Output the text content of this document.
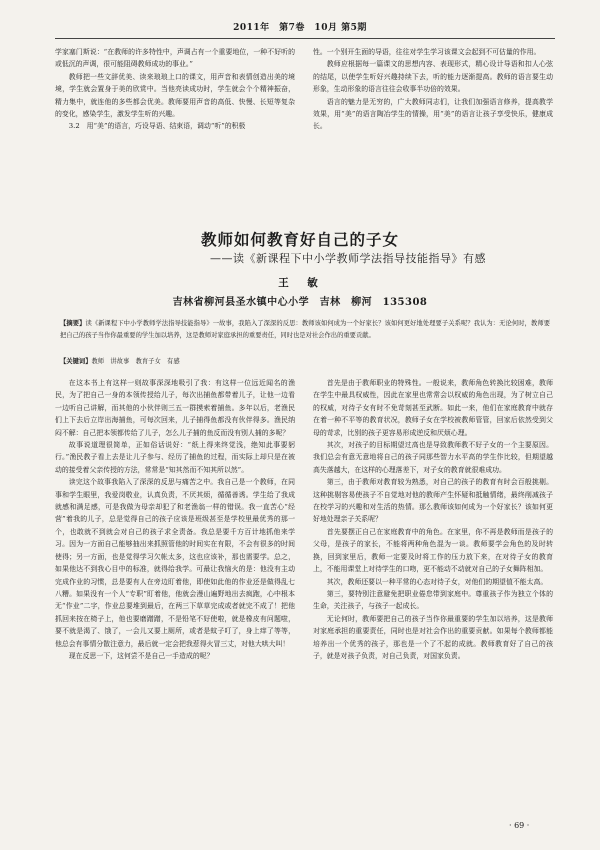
2011年　第7卷　10月 第5期

学家塞门斯说：“在教师的许多特性中，声调占有一个重要地位，一种不好听的或低沉的声调，很可能阻碍教师成功的事业。”

教师把一些文辞优美、读来琅琅上口的课文，用声音和表情创造出美的境境，学生就会置身于美的欣赏中。当他亮读成功时，学生就会个个精神振奋，精力集中，就连他的多些都会优美。教师要用声音的高低、快慢、长短等复杂的变化，感染学生，激发学生听的兴趣。

3.2　用“美”的语言，巧设导语、结束语，调动“听”的积极

性。一个别开生面的导语，往往对学生学习该课文会起到不可估量的作用。

教师应根据每一篇课文的思想内容、表现形式，精心设计导语和扣人心弦的结尾，以使学生听好兴趣持续下去，听的能力逐渐提高。教师的语言要生动形象，生动形象的语言往往会收事半功倍的效果。

语言的魅力是无穷的，广大教师同志们，让我们加强语言修养，提高教学效果，用“美”的语言陶冶学生的情操，用“美”的语言让孩子享受快乐，健康成长。

教师如何教育好自己的子女
——读《新课程下中小学教师学法指导技能指导》有感
王　敏
吉林省柳河县圣水镇中心小学　吉林　柳河　135308
【摘要】读《新课程下中小学教师学法指导技能指导》一故事，我陷入了深深的反思：教师该如何成为一个好家长？该如何更好地处理要子关系呢？我认为：无论何时，教师要把自己的孩子当作你最重要的学生加以培养，这是教师对家庭承担的重要责任，同时也是对社会作出的重要贡献。
【关键词】教师　讲故事　教育子女　有感

在这本书上有这样一则故事深深地吸引了我：有这样一位远近闻名的渔民，为了把自己一身的本领传授给儿子，每次出捕鱼都带着儿子，让他一边看一边听自己讲解，而其他的小伙伴则三五一群摸索着捕鱼。多年以后，老渔民们上下去后立岸出海捕鱼，可每次回来，儿子捕得鱼都没有伙伴得多。渔民纳闷不解：自己把本领都传给了儿子，怎么儿子捕的鱼反而没有别人捕的多呢？

故事说道理很简单，正如俗话说好：“纸上得来终觉浅，绝知此事要躬行。”渔民教子看上去是让儿子参与、经历了捕鱼的过程，而实际上却只是在被动的接受着父亲传授的方法，常常是“知其然而不知其所以然”。

读完这个故事我陷入了深深的反思与痛苦之中。我自己是一个教师，在同事和学生眼里，我爱岗敬业，认真负责，不厌其烦，循循善诱。学生给了我成就感和满足感，可是我做为母亲却犯了和老渔翁一样的错误。我一直苦心“经营”着我的儿子，总是觉得自己的孩子应该是班级甚至是学校里最优秀的那一个，也敢就不到就会对自己的孩子求全责备。我总是要千方百计地抓他来学习。因为一方面自己能够抽出来抓照管他的时间实在有限，不会有很多的时间使得；另一方面，也是觉得学习欠帐太多，这也应该补，那也需要学。总之，如果他达不到我心目中的标准，就得给我学。可最让我恼火的是：他没有主动完成作业的习惯，总是要有人在旁边盯着他，即使如此他的作业还是做得乱七八糟。如果没有一个人“专职”盯着他，他就会漫山遍野地出去疯跑，心中根本无“作业”二字，作业总要堆到最后，在两三下草草完成或者就完不成了！把他抓回来按在椅子上，他也要磨蹭蹭，不是铅笔不好使啦，就是橡皮有问题啦，要不就是渴了、饿了，一会儿又要上厕所，或者是蚊子叮了，身上痒了等等，他总会有事情分散注意力，最后就一定会把我惹得火冒三丈，对他大哄大叫！

现在反思一下，这何尝不是自己一手造成的呢？

首先是由于教师职业的特殊性。一般说来，教师角色转换比较困难，教师在学生中最具权威性，因此在家里也常常会以权威的角色出现，为了树立自己的权威，对待子女有时不免苛刻甚至武断。如此一来，他们在家庭教育中就存在着一种不平等的教育状况，教师子女在学校被教师管管，回家后依然受到父母的苛求，比别的孩子更容易形成逆反和厌烦心理。

其次，对孩子的目标期望过高也是导致教师教不好子女的一个主要原因。我们总会有意无意地将自己的孩子同那些智力水平高的学生作比较，但期望越高失落越大，在这样的心理落差下，对子女的教育就很难成功。

第三，由于教师对教育较为熟悉，对自己的孩子的教育有时会百般挑剔。这种挑剔容易使孩子不自觉地对他的教师产生怀疑和抵触情绪，最终削减孩子在校学习的兴趣和对生活的热情。那么教师该如何成为一个好家长？该如何更好地处理亲子关系呢？

首先要摆正自己在家庭教育中的角色。在家里，你不再是教师而是孩子的父母，是孩子的家长，不能将两种角色混为一谈。教师要学会角色的及时转换，回到家里后，教师一定要及时将工作的压力放下来，在对待子女的教育上，不能用课堂上对待学生的口吻，更不能动不动就对自己的子女舞阵相加。

其次，教师还要以一种平常的心态对待子女，对他们的期望值不能太高。

第三，要特别注意避免把职业倦怠带到家庭中。尊重孩子作为独立个体的生命，关注孩子，与孩子一起成长。

无论何时，教师要把自己的孩子当作你最重要的学生加以培养，这是教师对家庭承担的重要责任，同时也是对社会作出的重要贡献。如果每个教师都能培养出一个优秀的孩子，那也是一个了不起的成就。教师教育好了自己的孩子，就是对孩子负责，对自己负责，对国家负责。

· 69 ·
